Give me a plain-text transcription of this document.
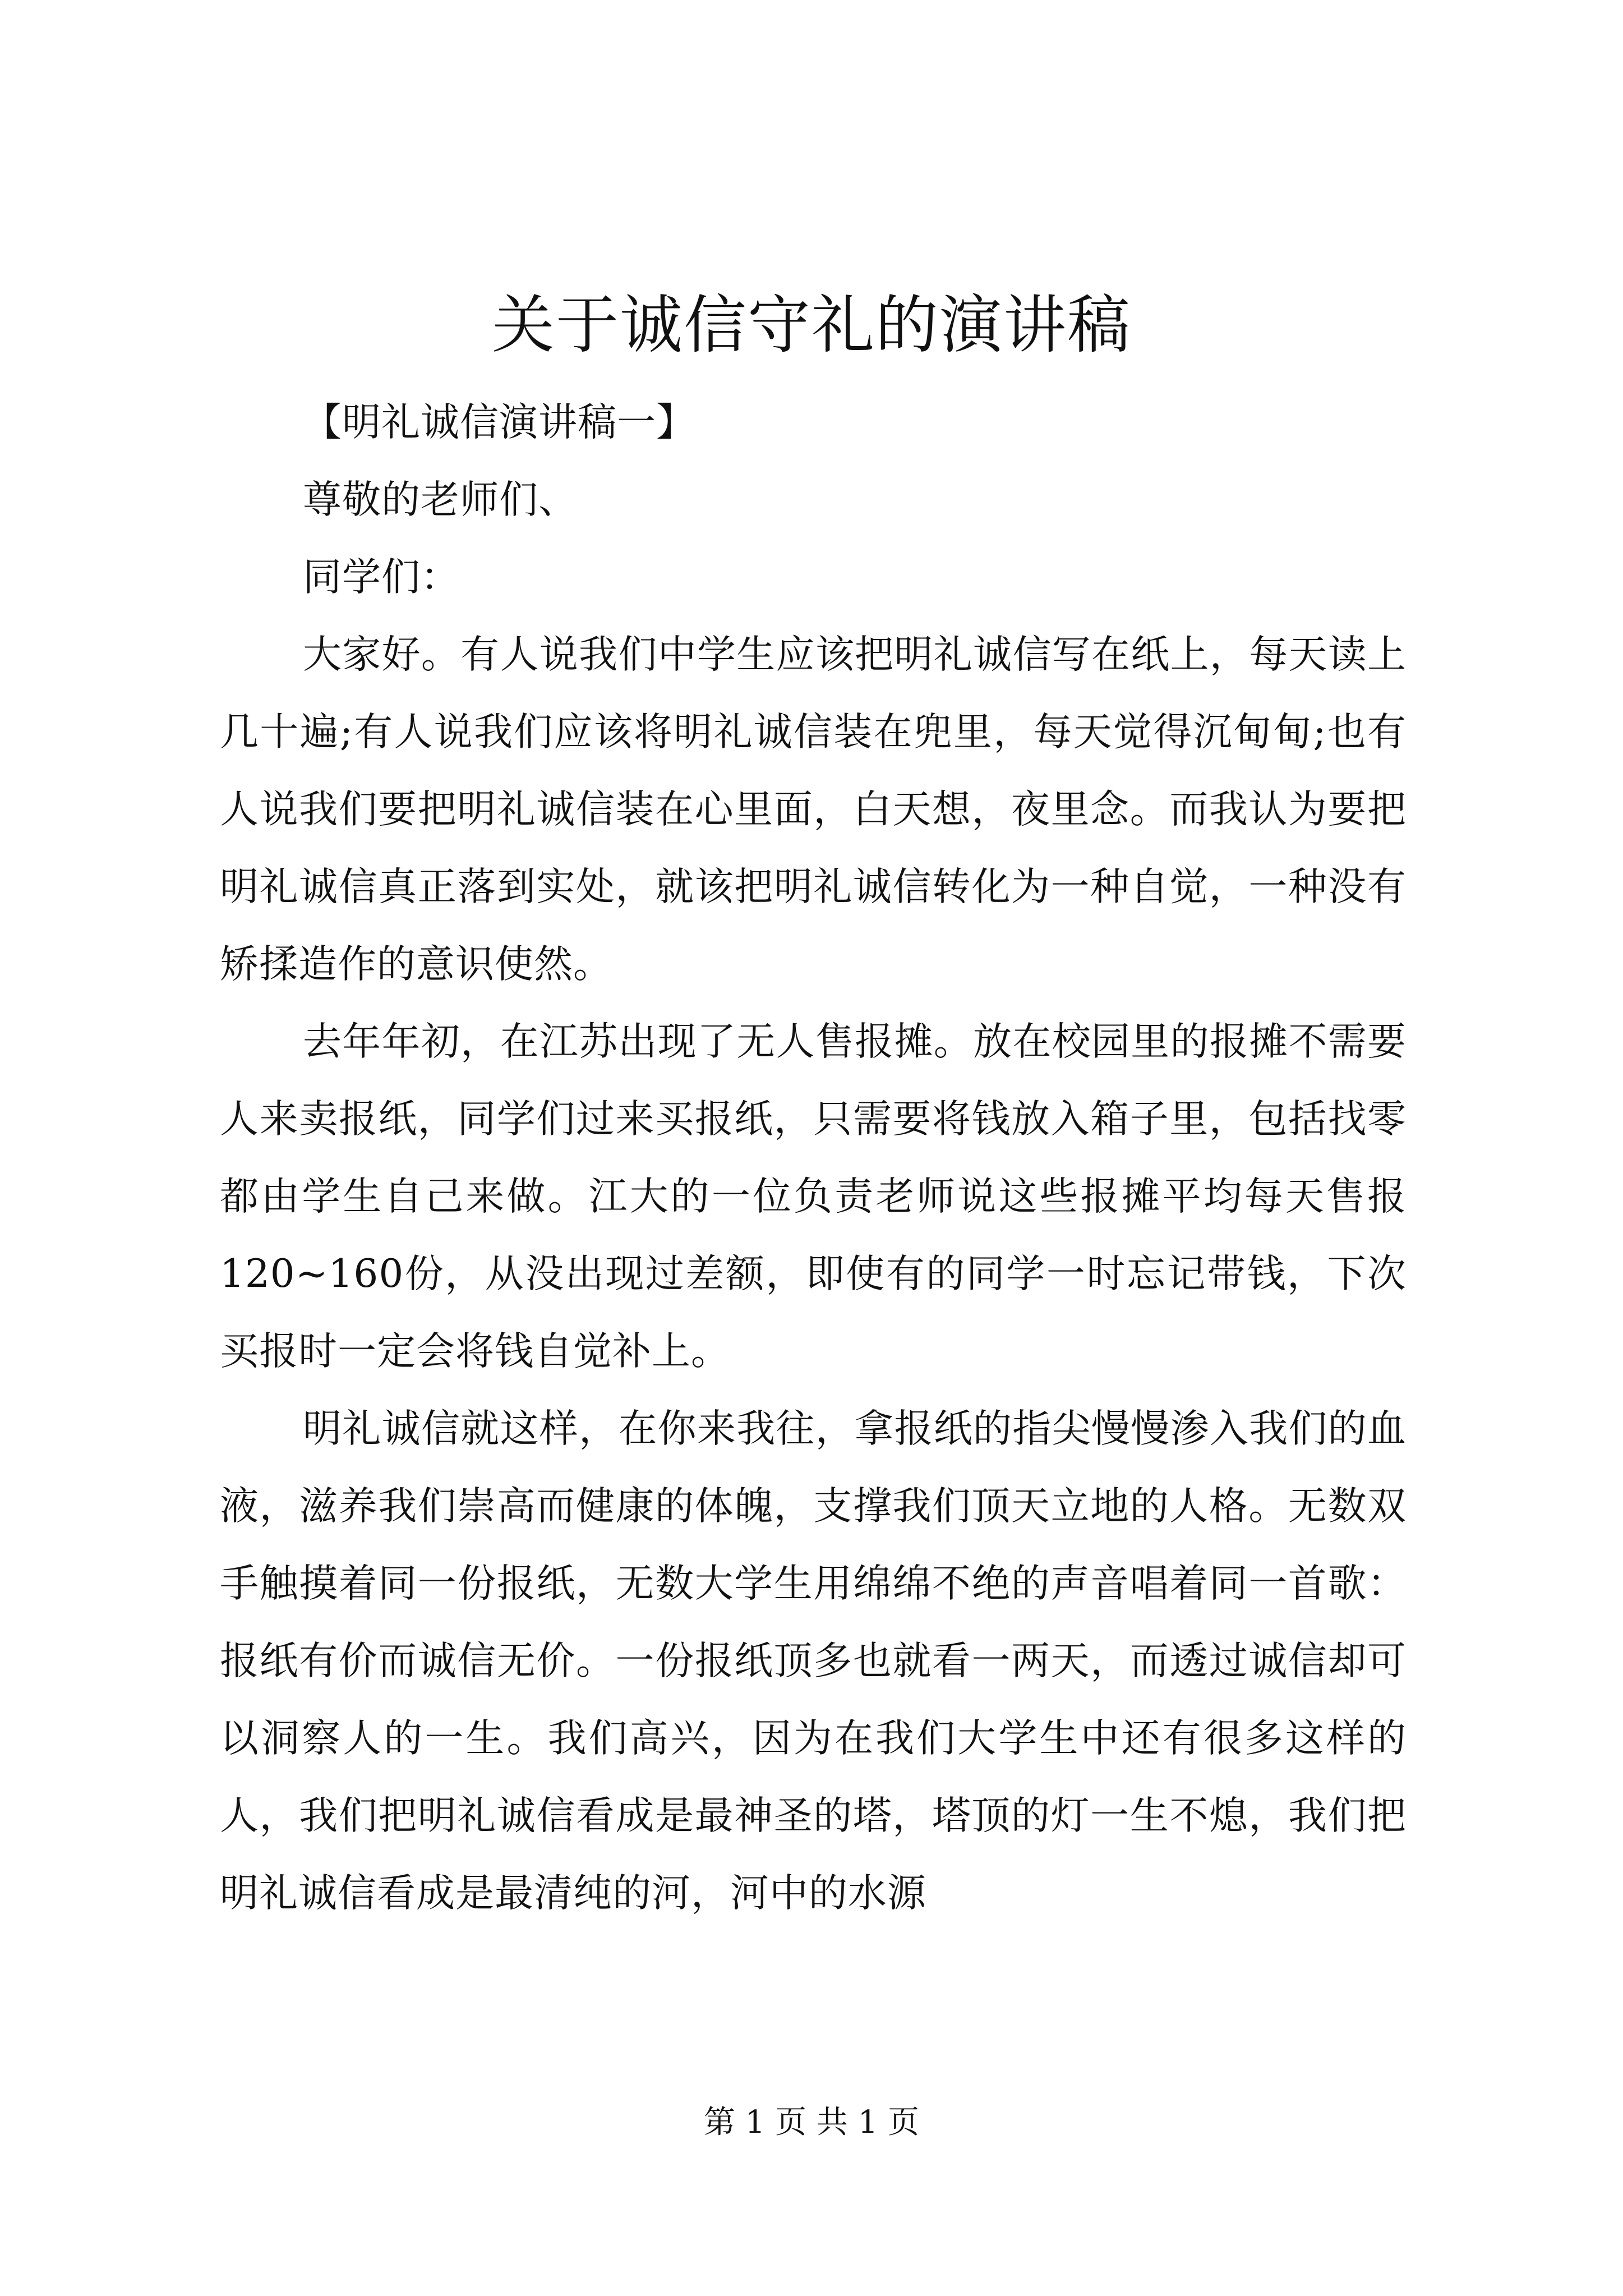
关于诚信守礼的演讲稿

【明礼诚信演讲稿一】

尊敬的老师们、

同学们：

大家好。有人说我们中学生应该把明礼诚信写在纸上，每天读上几十遍;有人说我们应该将明礼诚信装在兜里，每天觉得沉甸甸;也有人说我们要把明礼诚信装在心里面，白天想，夜里念。而我认为要把明礼诚信真正落到实处，就该把明礼诚信转化为一种自觉，一种没有矫揉造作的意识使然。

去年年初，在江苏出现了无人售报摊。放在校园里的报摊不需要人来卖报纸，同学们过来买报纸，只需要将钱放入箱子里，包括找零都由学生自己来做。江大的一位负责老师说这些报摊平均每天售报120~160份，从没出现过差额，即使有的同学一时忘记带钱，下次买报时一定会将钱自觉补上。

明礼诚信就这样，在你来我往，拿报纸的指尖慢慢渗入我们的血液，滋养我们崇高而健康的体魄，支撑我们顶天立地的人格。无数双手触摸着同一份报纸，无数大学生用绵绵不绝的声音唱着同一首歌：报纸有价而诚信无价。一份报纸顶多也就看一两天，而透过诚信却可以洞察人的一生。我们高兴，因为在我们大学生中还有很多这样的人，我们把明礼诚信看成是最神圣的塔，塔顶的灯一生不熄，我们把明礼诚信看成是最清纯的河，河中的水源

第 1 页 共 1 页
